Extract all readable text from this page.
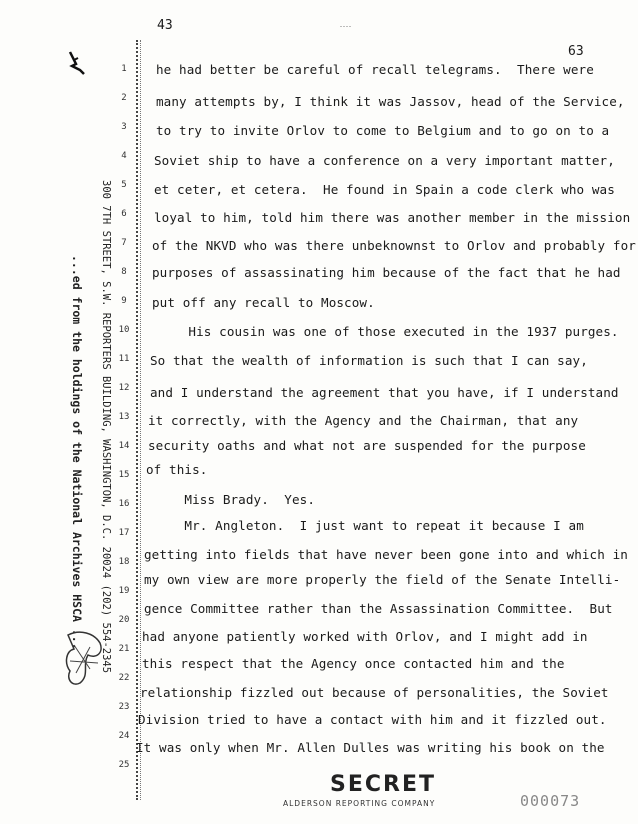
43	....
63
300 7TH STREET, S.W. REPORTERS BUILDING, WASHINGTON, D.C. 20024 (202) 554-2345
...ed from the holdings of the National Archives HSCA ...
1
2
3
4
5
6
7
8
9
10
11
12
13
14
15
16
17
18
19
20
21
22
23
24
25
he had better be careful of recall telegrams.  There were
many attempts by, I think it was Jassov, head of the Service,
to try to invite Orlov to come to Belgium and to go on to a
Soviet ship to have a conference on a very important matter,
et ceter, et cetera.  He found in Spain a code clerk who was
loyal to him, told him there was another member in the mission
of the NKVD who was there unbeknownst to Orlov and probably for
purposes of assassinating him because of the fact that he had
put off any recall to Moscow.
His cousin was one of those executed in the 1937 purges.
So that the wealth of information is such that I can say,
and I understand the agreement that you have, if I understand
it correctly, with the Agency and the Chairman, that any
security oaths and what not are suspended for the purpose
of this.
Miss Brady.  Yes.
Mr. Angleton.  I just want to repeat it because I am
getting into fields that have never been gone into and which in
my own view are more properly the field of the Senate Intelli-
gence Committee rather than the Assassination Committee.  But
had anyone patiently worked with Orlov, and I might add in
this respect that the Agency once contacted him and the
relationship fizzled out because of personalities, the Soviet
Division tried to have a contact with him and it fizzled out.
It was only when Mr. Allen Dulles was writing his book on the
SECRET
ALDERSON REPORTING COMPANY	000073
